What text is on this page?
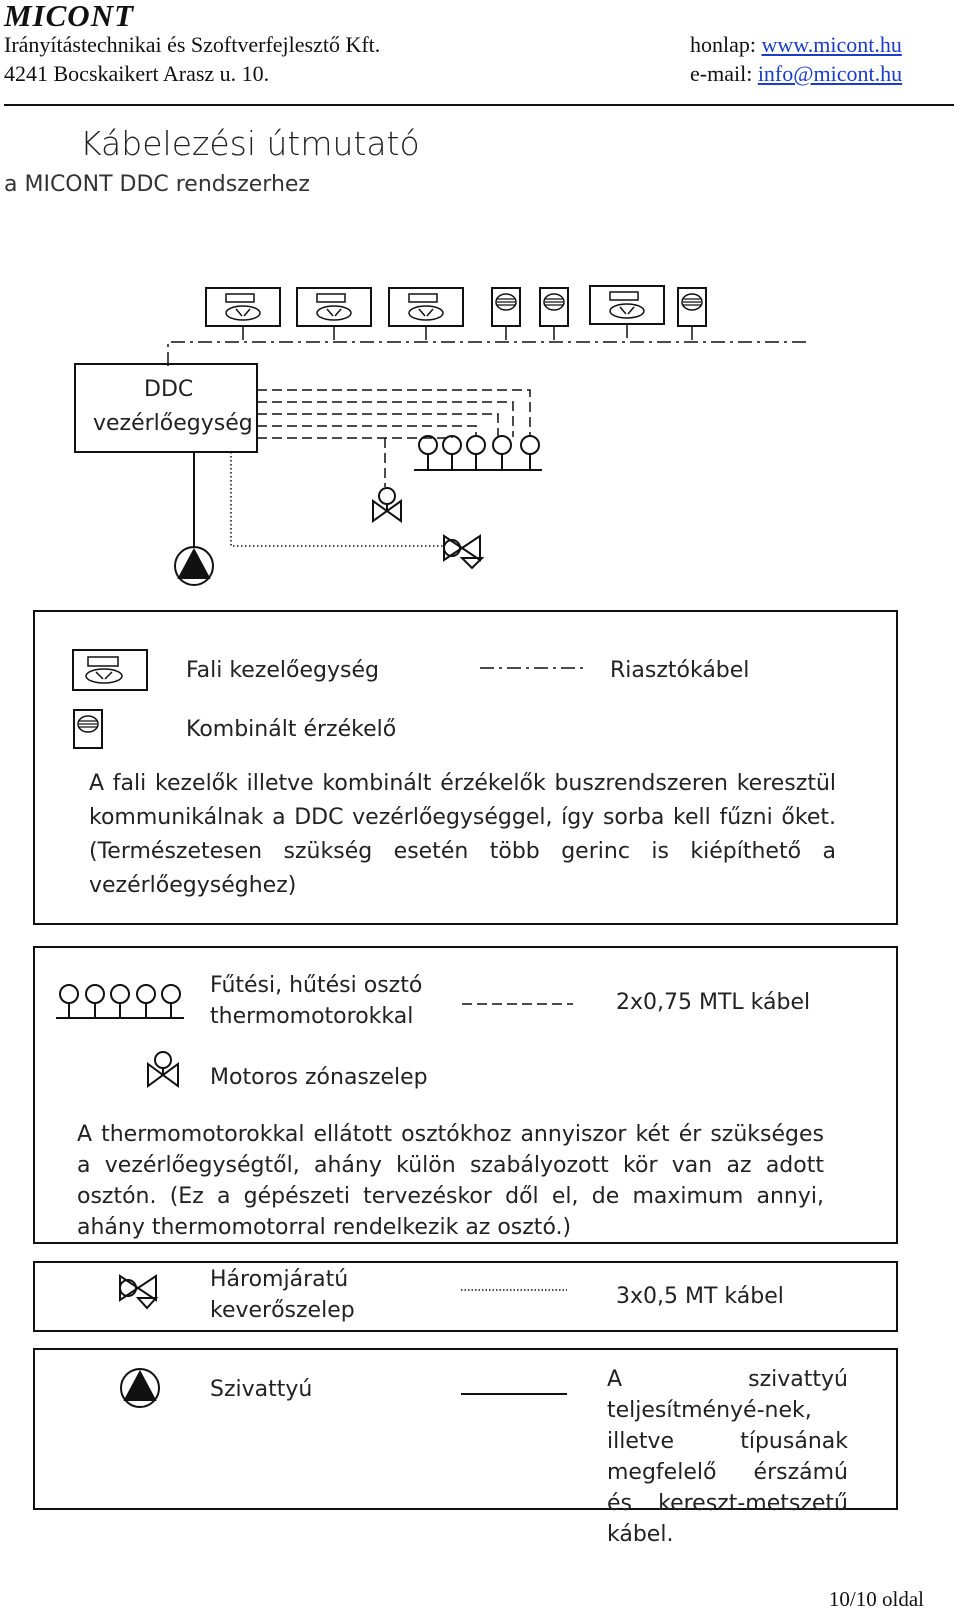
MICONT
Irányítástechnikai és Szoftverfejlesztő Kft.
4241 Bocskaikert Arasz u. 10.
honlap: www.micont.hu
e-mail: info@micont.hu
Kábelezési útmutató
a MICONT DDC rendszerhez
DDC
vezérlőegység
Fali kezelőegység	Riasztókábel
Kombinált érzékelő
A fali kezelők illetve kombinált érzékelők buszrendszeren keresztül kommunikálnak a DDC vezérlőegységgel, így sorba kell fűzni őket. (Természetesen szükség esetén több gerinc is kiépíthető a vezérlőegységhez)
Fűtési, hűtési osztó
thermomotorokkal
2x0,75 MTL kábel
Motoros zónaszelep
A thermomotorokkal ellátott osztókhoz annyiszor két ér szükséges a vezérlőegységtől, ahány külön szabályozott kör van az adott osztón. (Ez a gépészeti tervezéskor dől el, de maximum annyi, ahány thermomotorral rendelkezik az osztó.)
Háromjáratú
keverőszelep
3x0,5 MT kábel
Szivattyú	A szivattyú teljesítményé-nek, illetve típusának megfelelő érszámú és kereszt-metszetű kábel.
10/10 oldal
